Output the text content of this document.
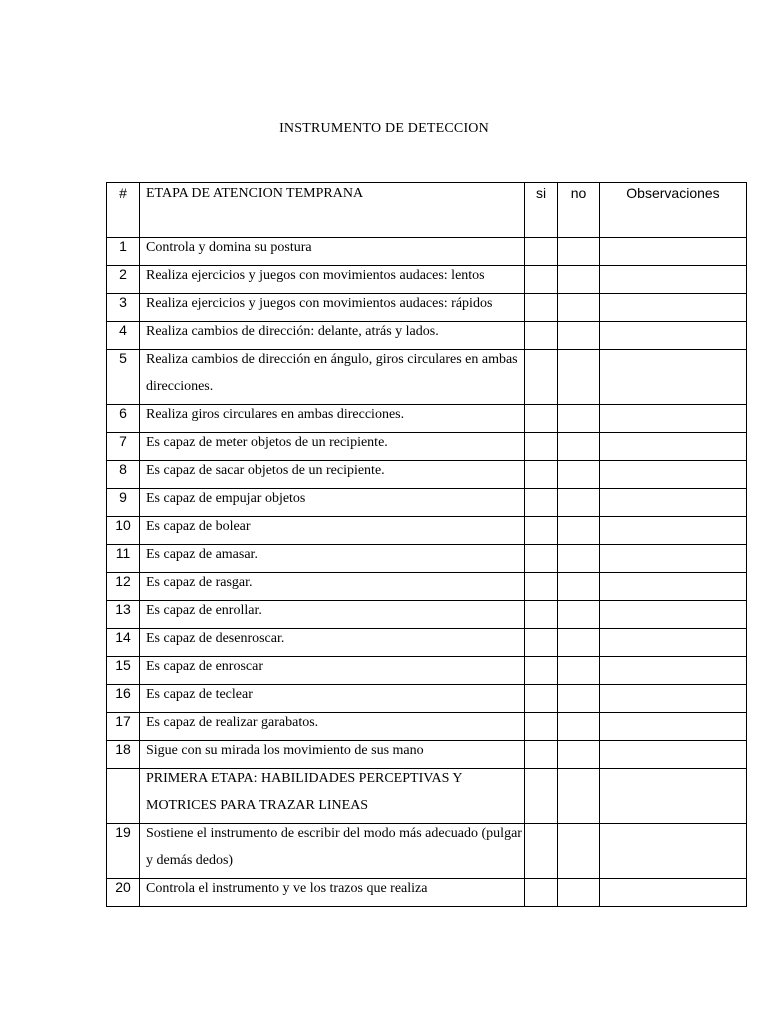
INSTRUMENTO DE DETECCION
#	ETAPA DE ATENCION TEMPRANA	si	no	Observaciones

1	Controla y domina su postura			

2	Realiza ejercicios y juegos con movimientos audaces: lentos			

3	Realiza ejercicios y juegos con movimientos audaces: rápidos			

4	Realiza cambios de dirección: delante, atrás y lados.			

5	Realiza cambios de dirección en ángulo, giros circulares en ambas direcciones.			

6	Realiza giros circulares en ambas direcciones.			

7	Es capaz de meter objetos de un recipiente.			

8	Es capaz de sacar objetos de un recipiente.			

9	Es capaz de empujar objetos			

10	Es capaz de bolear			

11	Es capaz de amasar.			

12	Es capaz de rasgar.			

13	Es capaz de enrollar.			

14	Es capaz de desenroscar.			

15	Es capaz de enroscar			

16	Es capaz de teclear			

17	Es capaz de realizar garabatos.			

18	Sigue con su mirada los movimiento de sus mano			

	PRIMERA ETAPA: HABILIDADES PERCEPTIVAS Y MOTRICES PARA TRAZAR LINEAS			

19	Sostiene el instrumento de escribir del modo más adecuado (pulgar y demás dedos)			

20	Controla el instrumento y ve los trazos que realiza			
